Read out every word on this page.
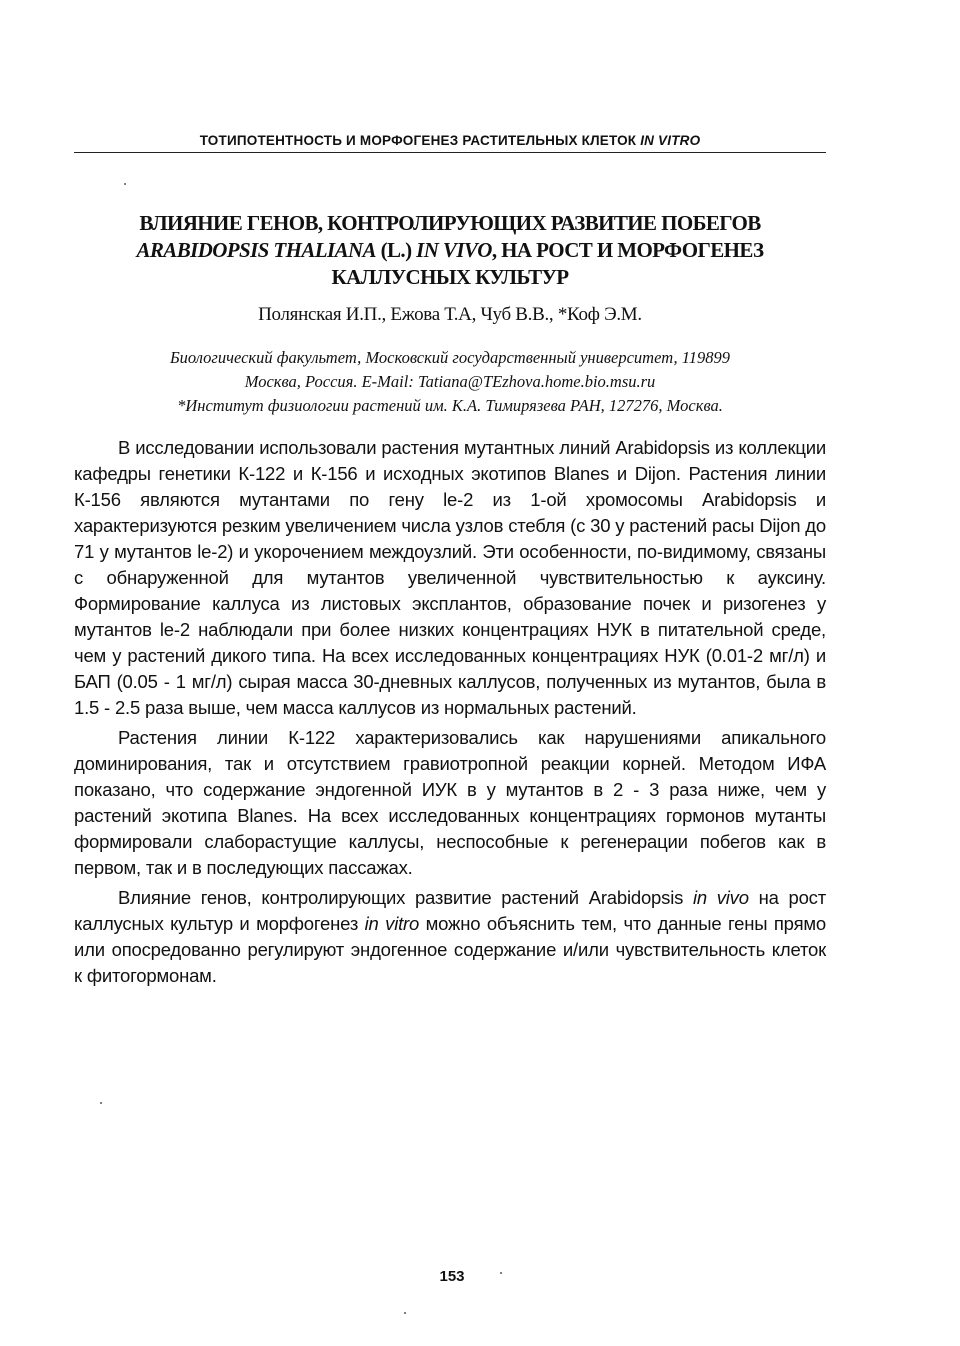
ТОТИПОТЕНТНОСТЬ И МОРФОГЕНЕЗ РАСТИТЕЛЬНЫХ КЛЕТОК IN VITRO
ВЛИЯНИЕ ГЕНОВ, КОНТРОЛИРУЮЩИХ РАЗВИТИЕ ПОБЕГОВ
ARABIDOPSIS THALIANA (L.) IN VIVO, НА РОСТ И МОРФОГЕНЕЗ
КАЛЛУСНЫХ КУЛЬТУР
Полянская И.П., Ежова Т.А, Чуб В.В., *Коф Э.М.
Биологический факультет, Московский государственный университет, 119899
Москва, Россия. E-Mail: Tatiana@TEzhova.home.bio.msu.ru
*Институт физиологии растений им. К.А. Тимирязева РАН, 127276, Москва.

В исследовании использовали растения мутантных линий Arabidopsis из коллекции кафедры генетики К-122 и К-156 и исходных экотипов Blanes и Dijon. Растения линии К-156 являются мутантами по гену le-2 из 1-ой хромосомы Arabidopsis и характеризуются резким увеличением числа узлов стебля (с 30 у растений расы Dijon до 71 у мутантов le-2) и укорочением междоузлий. Эти особенности, по-видимому, связаны с обнаруженной для мутантов увеличенной чувствительностью к ауксину. Формирование каллуса из листовых эксплантов, образование почек и ризогенез у мутантов le-2 наблюдали при более низких концентрациях НУК в питательной среде, чем у растений дикого типа. На всех исследованных концентрациях НУК (0.01-2 мг/л) и БАП (0.05 - 1 мг/л) сырая масса 30-дневных каллусов, полученных из мутантов, была в 1.5 - 2.5 раза выше, чем масса каллусов из нормальных растений.

Растения линии К-122 характеризовались как нарушениями апикального доминирования, так и отсутствием гравиотропной реакции корней. Методом ИФА показано, что содержание эндогенной ИУК в у мутантов в 2 - 3 раза ниже, чем у растений экотипа Blanes. На всех исследованных концентрациях гормонов мутанты формировали слаборастущие каллусы, неспособные к регенерации побегов как в первом, так и в последующих пассажах.

Влияние генов, контролирующих развитие растений Arabidopsis in vivo на рост каллусных культур и морфогенез in vitro можно объяснить тем, что данные гены прямо или опосредованно регулируют эндогенное содержание и/или чувствительность клеток к фитогормонам.

153
